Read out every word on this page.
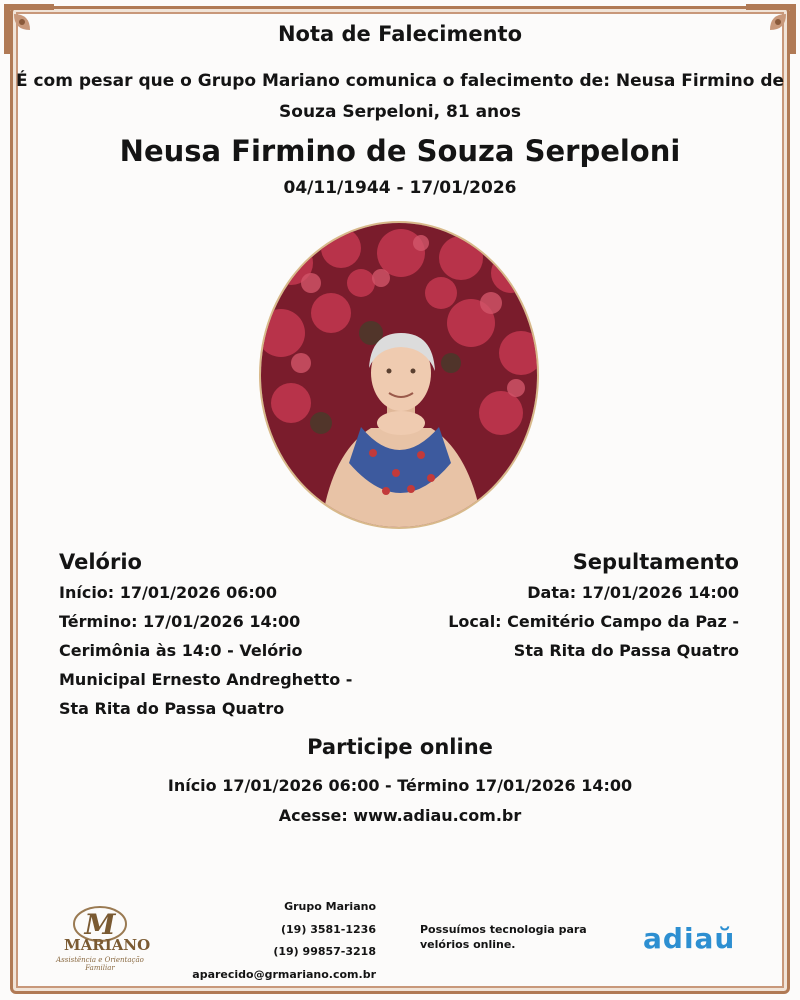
Nota de Falecimento
É com pesar que o Grupo Mariano comunica o falecimento de: Neusa Firmino de Souza Serpeloni, 81 anos
Neusa Firmino de Souza Serpeloni
04/11/1944 - 17/01/2026
Velório
Início: 17/01/2026 06:00
Término: 17/01/2026 14:00
Cerimônia às 14:0 - Velório
Municipal Ernesto Andreghetto -
Sta Rita do Passa Quatro
Sepultamento
Data: 17/01/2026 14:00
Local: Cemitério Campo da Paz -
Sta Rita do Passa Quatro
Participe online
Início 17/01/2026 06:00 - Término 17/01/2026 14:00
Acesse: www.adiau.com.br
M
MARIANO
Assistência e Orientação Familiar
Grupo Mariano
(19) 3581-1236
(19) 99857-3218
aparecido@grmariano.com.br
Possuímos tecnologia para velórios online.	adiaŭ
